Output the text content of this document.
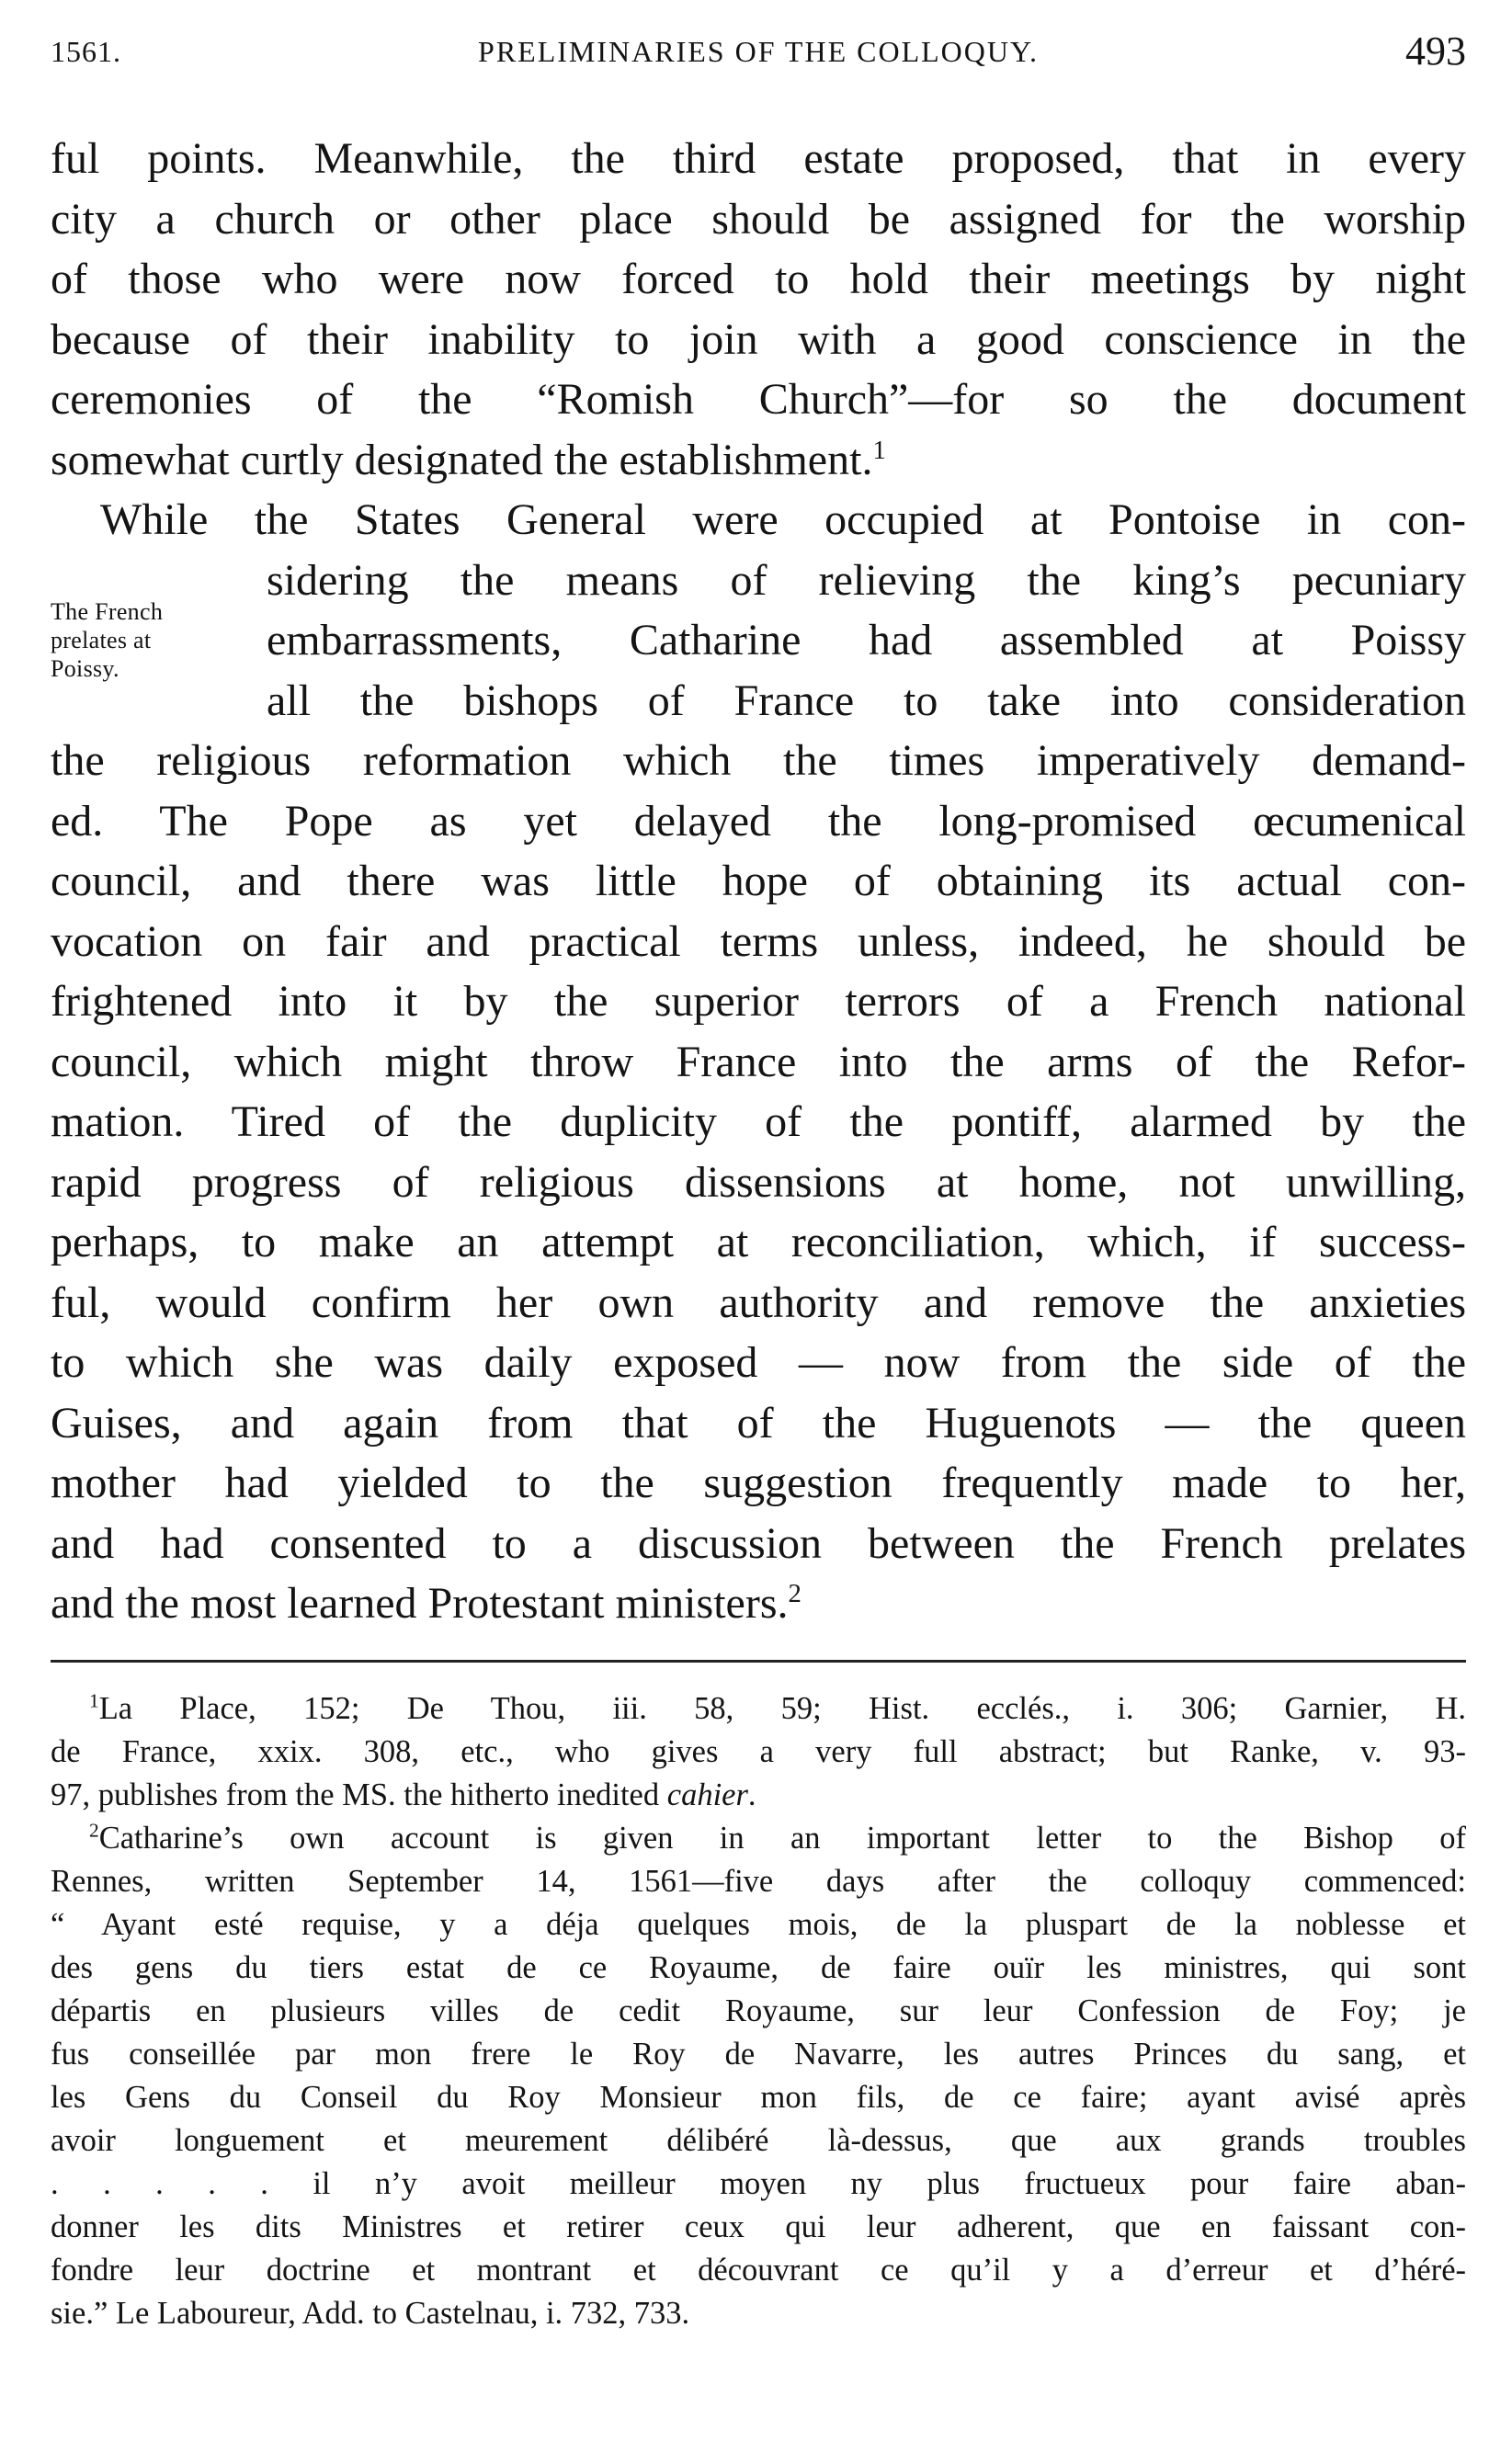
1561.	PRELIMINARIES OF THE COLLOQUY.	493
The French
prelates at
Poissy.
ful points. Meanwhile, the third estate proposed, that in every
city a church or other place should be assigned for the worship
of those who were now forced to hold their meetings by night
because of their inability to join with a good conscience in the
ceremonies of the “Romish Church”—for so the document
somewhat curtly designated the establishment.$^1$
While the States General were occupied at Pontoise in con-
sidering the means of relieving the king’s pecuniary
embarrassments, Catharine had assembled at Poissy
all the bishops of France to take into consideration
the religious reformation which the times imperatively demand-
ed. The Pope as yet delayed the long-promised œcumenical
council, and there was little hope of obtaining its actual con-
vocation on fair and practical terms unless, indeed, he should be
frightened into it by the superior terrors of a French national
council, which might throw France into the arms of the Refor-
mation. Tired of the duplicity of the pontiff, alarmed by the
rapid progress of religious dissensions at home, not unwilling,
perhaps, to make an attempt at reconciliation, which, if success-
ful, would confirm her own authority and remove the anxieties
to which she was daily exposed — now from the side of the
Guises, and again from that of the Huguenots — the queen
mother had yielded to the suggestion frequently made to her,
and had consented to a discussion between the French prelates
and the most learned Protestant ministers.$^2$
$^1$La Place, 152; De Thou, iii. 58, 59; Hist. ecclés., i. 306; Garnier, H.
de France, xxix. 308, etc., who gives a very full abstract; but Ranke, v. 93-
97, publishes from the MS. the hitherto inedited cahier.
$^2$Catharine’s own account is given in an important letter to the Bishop of
Rennes, written September 14, 1561—five days after the colloquy commenced:
“ Ayant esté requise, y a déja quelques mois, de la pluspart de la noblesse et
des gens du tiers estat de ce Royaume, de faire ouïr les ministres, qui sont
départis en plusieurs villes de cedit Royaume, sur leur Confession de Foy; je
fus conseillée par mon frere le Roy de Navarre, les autres Princes du sang, et
les Gens du Conseil du Roy Monsieur mon fils, de ce faire; ayant avisé après
avoir longuement et meurement délibéré là-dessus, que aux grands troubles
. . . . . il n’y avoit meilleur moyen ny plus fructueux pour faire aban-
donner les dits Ministres et retirer ceux qui leur adherent, que en faissant con-
fondre leur doctrine et montrant et découvrant ce qu’il y a d’erreur et d’héré-
sie.” Le Laboureur, Add. to Castelnau, i. 732, 733.
